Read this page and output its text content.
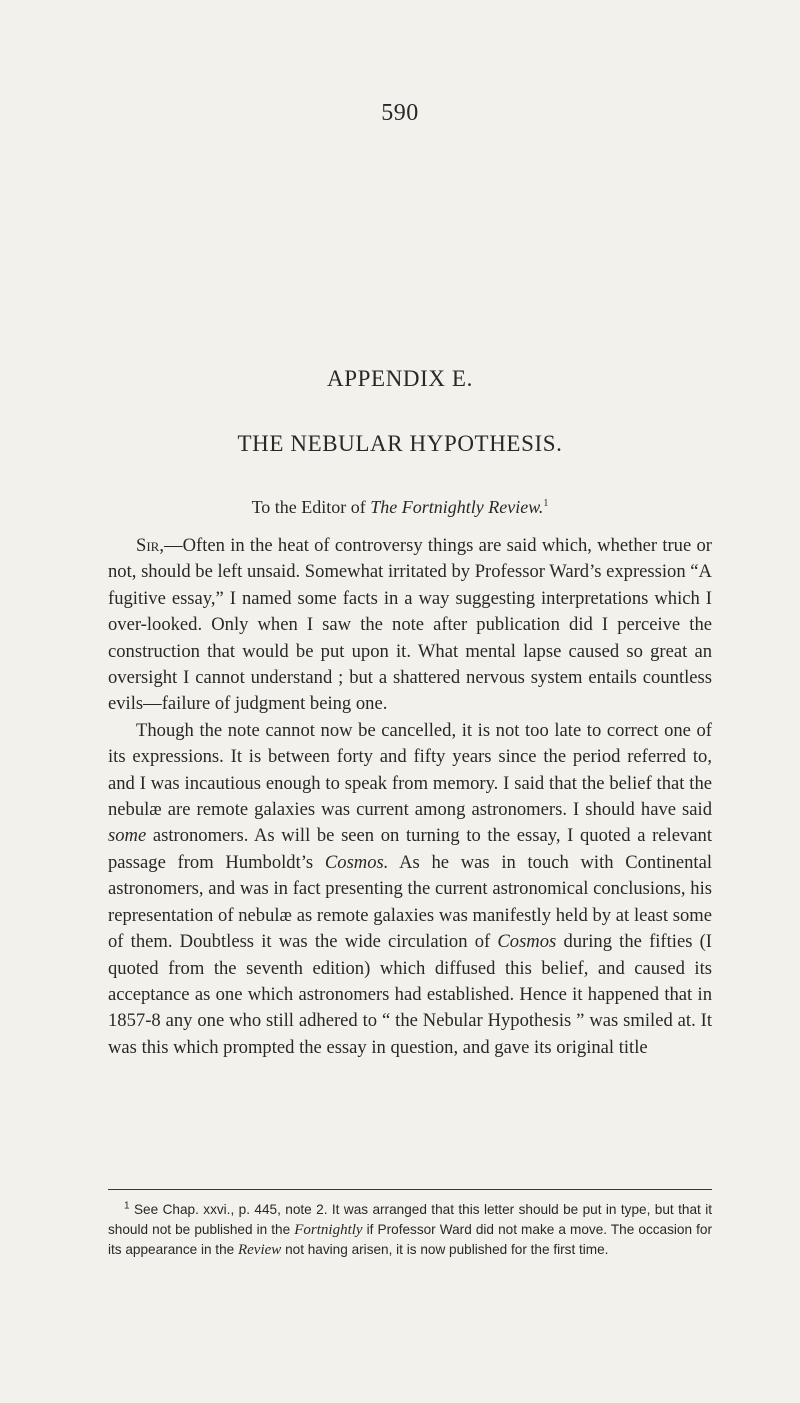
590
APPENDIX E.
THE NEBULAR HYPOTHESIS.
To the Editor of The Fortnightly Review.$^1$

Sir,—Often in the heat of controversy things are said which, whether true or not, should be left unsaid. Somewhat irritated by Professor Ward’s expression “A fugitive essay,” I named some facts in a way suggesting interpretations which I over-looked. Only when I saw the note after publication did I perceive the construction that would be put upon it. What mental lapse caused so great an oversight I cannot understand ; but a shattered nervous system entails countless evils—failure of judgment being one.

Though the note cannot now be cancelled, it is not too late to correct one of its expressions. It is between forty and fifty years since the period referred to, and I was incautious enough to speak from memory. I said that the belief that the nebulæ are remote galaxies was current among astronomers. I should have said some astronomers. As will be seen on turning to the essay, I quoted a relevant passage from Humboldt’s Cosmos. As he was in touch with Continental astronomers, and was in fact presenting the current astronomical conclusions, his representation of nebulæ as remote galaxies was manifestly held by at least some of them. Doubtless it was the wide circulation of Cosmos during the fifties (I quoted from the seventh edition) which diffused this belief, and caused its acceptance as one which astronomers had established. Hence it happened that in 1857-8 any one who still adhered to “ the Nebular Hypothesis ” was smiled at. It was this which prompted the essay in question, and gave its original title

$^1$ See Chap. xxvi., p. 445, note 2. It was arranged that this letter should be put in type, but that it should not be published in the Fortnightly if Professor Ward did not make a move. The occasion for its appearance in the Review not having arisen, it is now published for the first time.
